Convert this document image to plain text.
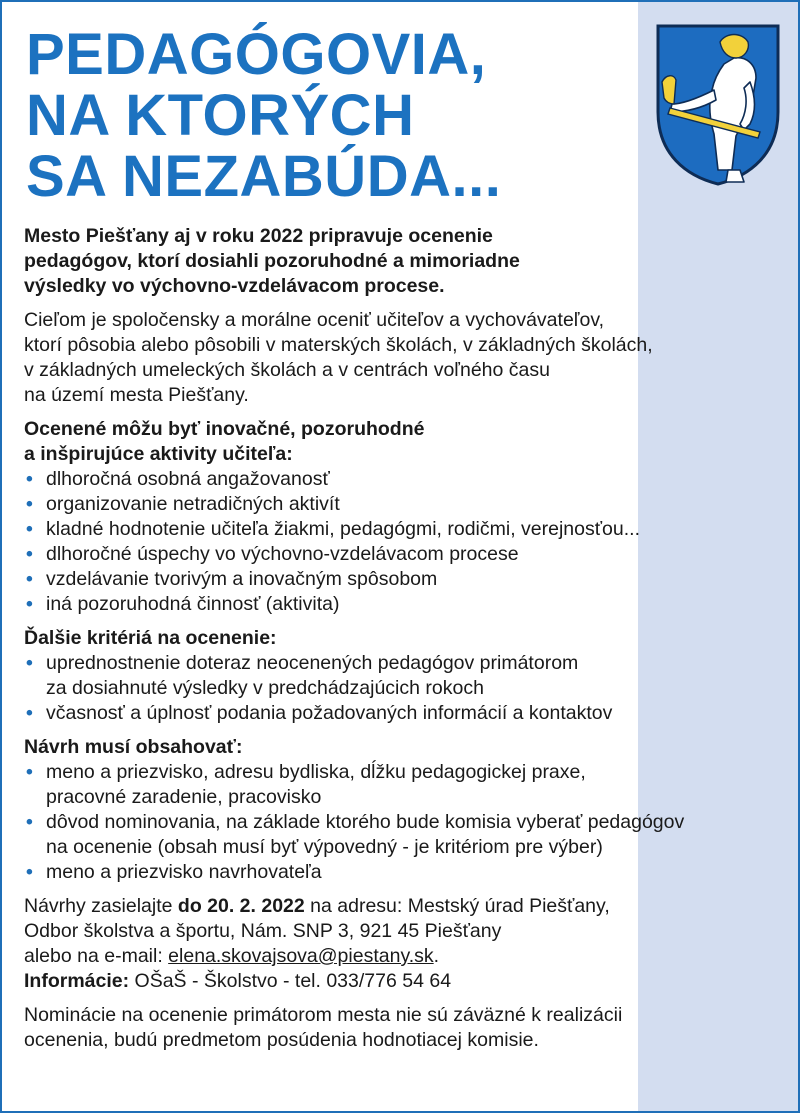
PEDAGÓGOVIA,
NA KTORÝCH
SA NEZABÚDA...

Mesto Piešťany aj v roku 2022 pripravuje ocenenie
pedagógov, ktorí dosiahli pozoruhodné a mimoriadne
výsledky vo výchovno-vzdelávacom procese.

Cieľom je spoločensky a morálne oceniť učiteľov a vychovávateľov,
ktorí pôsobia alebo pôsobili v materských školách, v základných školách,
v základných umeleckých školách a v centrách voľného času
na území mesta Piešťany.

Ocenené môžu byť inovačné, pozoruhodné
a inšpirujúce aktivity učiteľa:

• dlhoročná osobná angažovanosť
• organizovanie netradičných aktivít
• kladné hodnotenie učiteľa žiakmi, pedagógmi, rodičmi, verejnosťou...
• dlhoročné úspechy vo výchovno-vzdelávacom procese
• vzdelávanie tvorivým a inovačným spôsobom
• iná pozoruhodná činnosť (aktivita)

Ďalšie kritériá na ocenenie:

• uprednostnenie doteraz neocenených pedagógov primátorom
za dosiahnuté výsledky v predchádzajúcich rokoch
• včasnosť a úplnosť podania požadovaných informácií a kontaktov

Návrh musí obsahovať:

• meno a priezvisko, adresu bydliska, dĺžku pedagogickej praxe,
pracovné zaradenie, pracovisko
• dôvod nominovania, na základe ktorého bude komisia vyberať pedagógov
na ocenenie (obsah musí byť výpovedný - je kritériom pre výber)
• meno a priezvisko navrhovateľa

Návrhy zasielajte do 20. 2. 2022 na adresu: Mestský úrad Piešťany,
Odbor školstva a športu, Nám. SNP 3, 921 45 Piešťany
alebo na e-mail: elena.skovajsova@piestany.sk.
Informácie: OŠaŠ - Školstvo - tel. 033/776 54 64

Nominácie na ocenenie primátorom mesta nie sú záväzné k realizácii
ocenenia, budú predmetom posúdenia hodnotiacej komisie.
